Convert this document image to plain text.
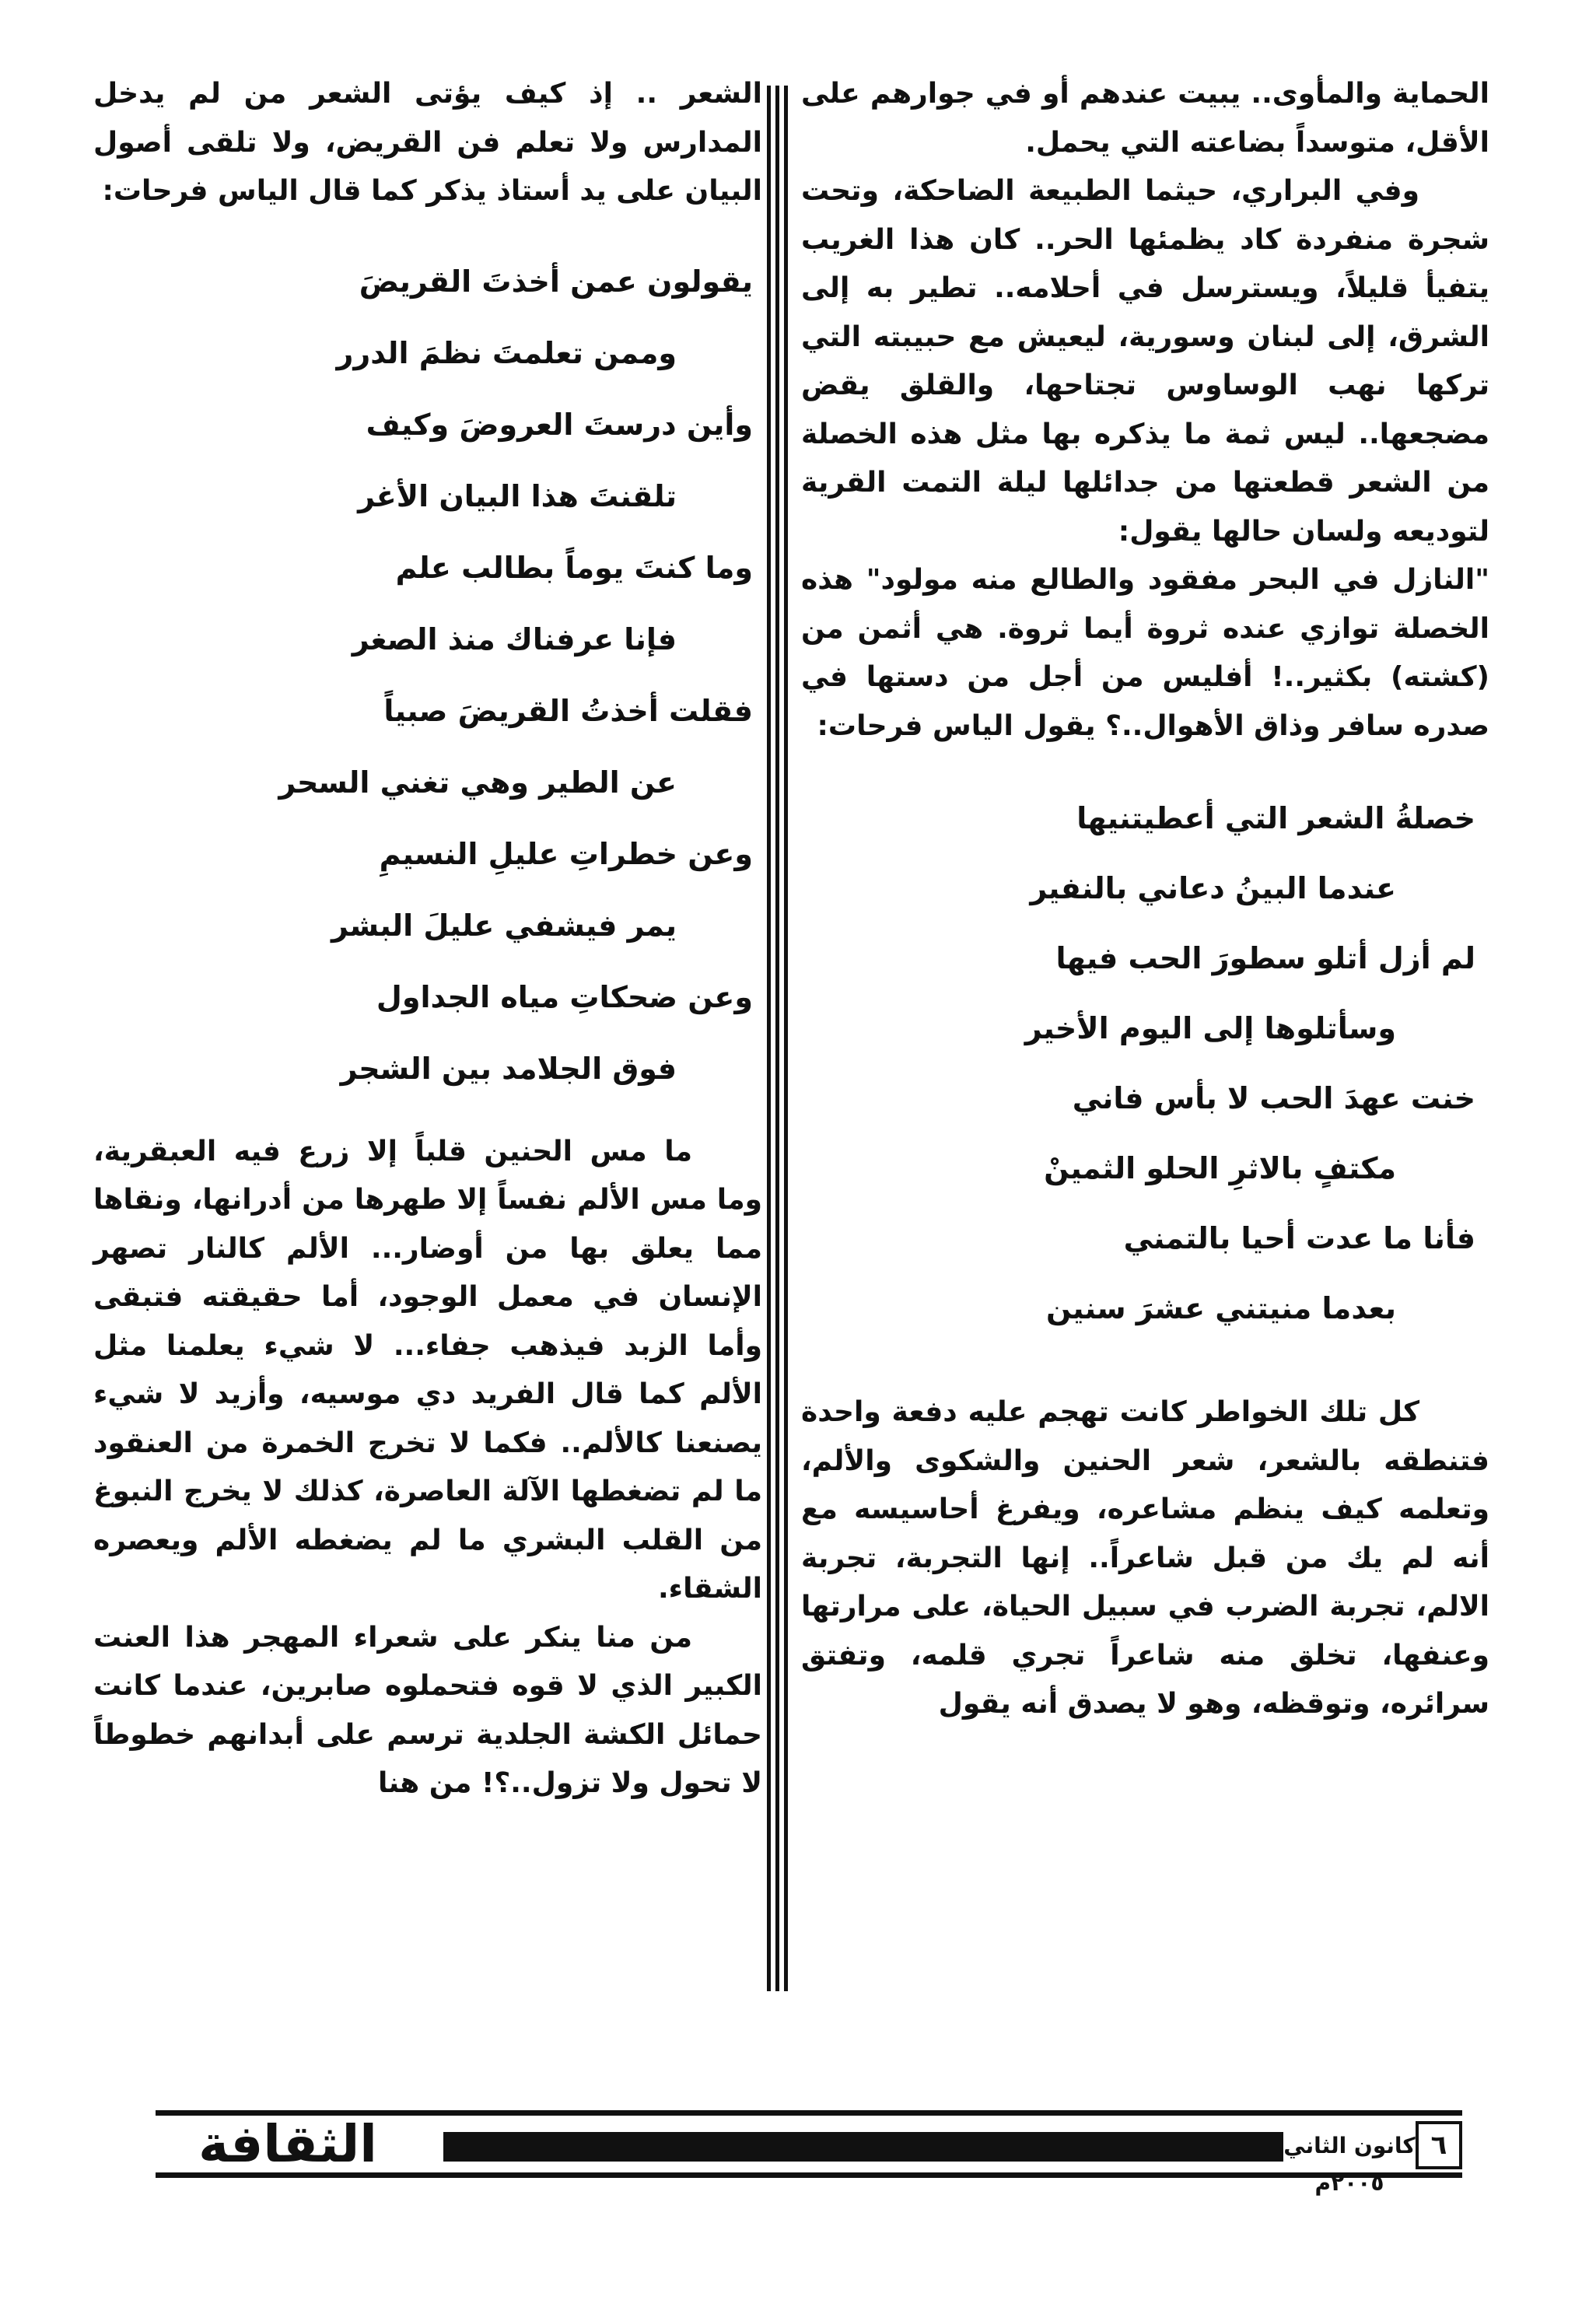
الحماية والمأوى.. يبيت عندهم أو في جوارهم على الأقل، متوسداً بضاعته التي يحمل.

وفي البراري، حيثما الطبيعة الضاحكة، وتحت شجرة منفردة كاد يظمئها الحر.. كان هذا الغريب يتفيأ قليلاً، ويسترسل في أحلامه.. تطير به إلى الشرق، إلى لبنان وسورية، ليعيش مع حبيبته التي تركها نهب الوساوس تجتاحها، والقلق يقض مضجعها.. ليس ثمة ما يذكره بها مثل هذه الخصلة من الشعر قطعتها من جدائلها ليلة التمت القرية لتوديعه ولسان حالها يقول:

"النازل في البحر مفقود والطالع منه مولود" هذه الخصلة توازي عنده ثروة أيما ثروة. هي أثمن من (كشته) بكثير..! أفليس من أجل من دستها في صدره سافر وذاق الأهوال..؟ يقول الياس فرحات:

خصلةُ الشعر التي أعطيتنيها
عندما البينُ دعاني بالنفير
لم أزل أتلو سطورَ الحب فيها
وسأتلوها إلى اليوم الأخير
خنت عهدَ الحب لا بأس فاني
مكتفٍ بالاثرِ الحلو الثمينْ
فأنا ما عدت أحيا بالتمني
بعدما منيتني عشرَ سنين

كل تلك الخواطر كانت تهجم عليه دفعة واحدة فتنطقه بالشعر، شعر الحنين والشكوى والألم، وتعلمه كيف ينظم مشاعره، ويفرغ أحاسيسه مع أنه لم يك من قبل شاعراً.. إنها التجربة، تجربة الالم، تجربة الضرب في سبيل الحياة، على مرارتها وعنفها، تخلق منه شاعراً تجري قلمه، وتفتق سرائره، وتوقظه، وهو لا يصدق أنه يقول

الشعر .. إذ كيف يؤتى الشعر من لم يدخل المدارس ولا تعلم فن القريض، ولا تلقى أصول البيان على يد أستاذ يذكر كما قال الياس فرحات:

يقولون عمن أخذتَ القريضَ
وممن تعلمتَ نظمَ الدرر
وأين درستَ العروضَ وكيف
تلقنتَ هذا البيان الأغر
وما كنتَ يوماً بطالب علم
فإنا عرفناك منذ الصغر
فقلت أخذتُ القريضَ صبياً
عن الطير وهي تغني السحر
وعن خطراتِ عليلِ النسيمِ
يمر فيشفي عليلَ البشر
وعن ضحكاتِ مياه الجداول
فوق الجلامد بين الشجر

ما مس الحنين قلباً إلا زرع فيه العبقرية، وما مس الألم نفساً إلا طهرها من أدرانها، ونقاها مما يعلق بها من أوضار... الألم كالنار تصهر الإنسان في معمل الوجود، أما حقيقته فتبقى وأما الزبد فيذهب جفاء... لا شيء يعلمنا مثل الألم كما قال الفريد دي موسيه، وأزيد لا شيء يصنعنا كالألم.. فكما لا تخرج الخمرة من العنقود ما لم تضغطها الآلة العاصرة، كذلك لا يخرج النبوغ من القلب البشري ما لم يضغطه الألم ويعصره الشقاء.

من منا ينكر على شعراء المهجر هذا العنت الكبير الذي لا قوه فتحملوه صابرين، عندما كانت حمائل الكشة الجلدية ترسم على أبدانهم خطوطاً لا تحول ولا تزول..؟! من هنا

كانون الثاني ٢٠٠٥م
٦
الثقافة
